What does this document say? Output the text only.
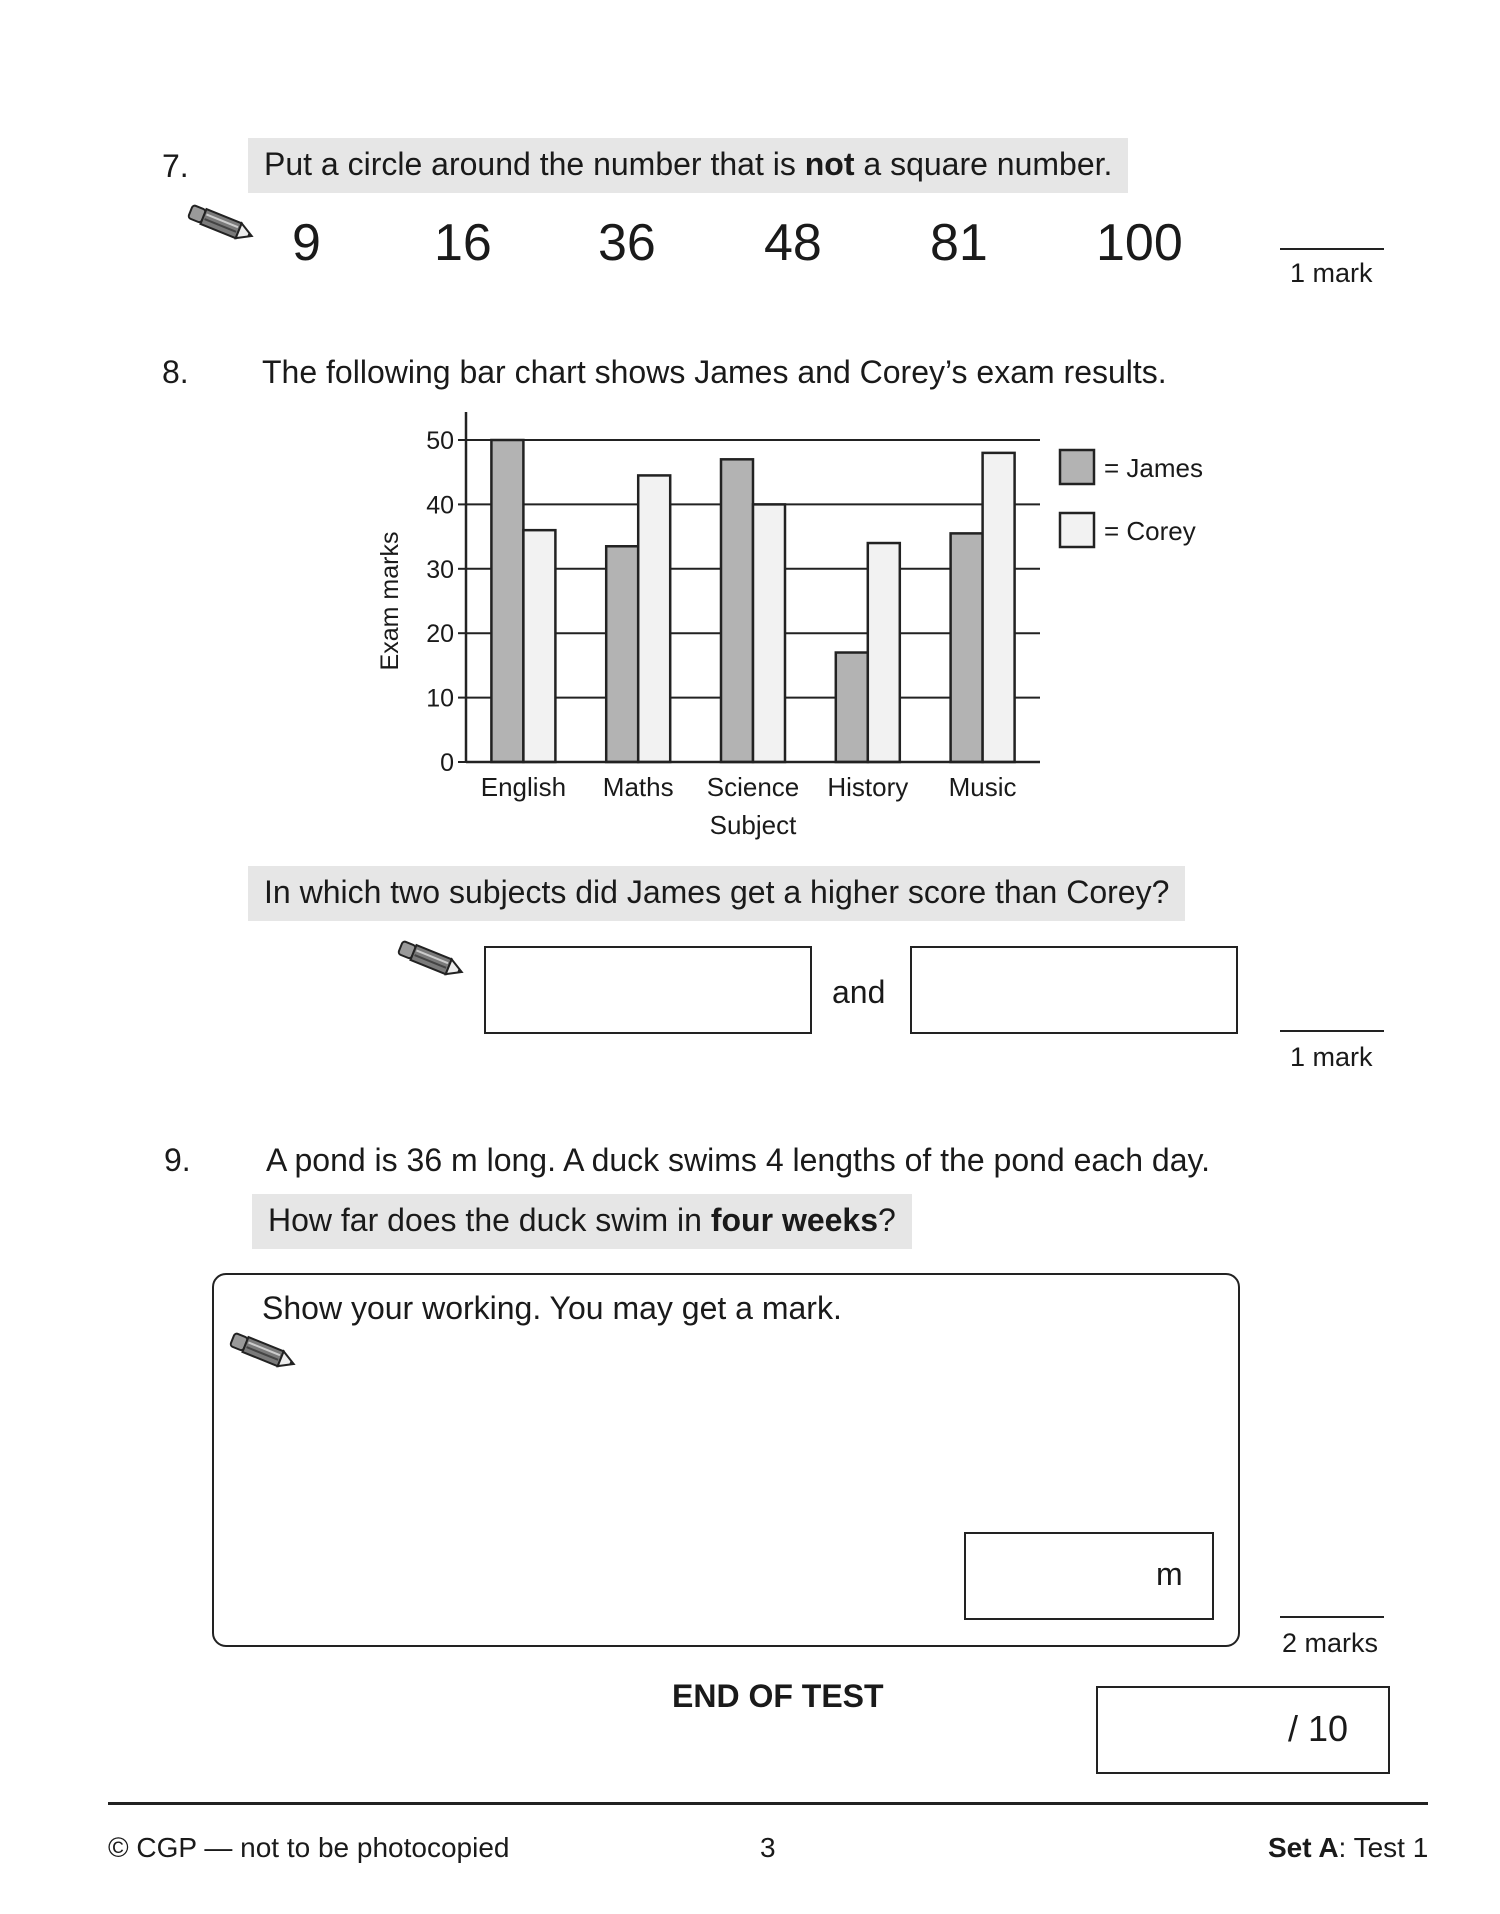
7.	Put a circle around the number that is not a square number.
9 16 36 48 81 100
1 mark
8. The following bar chart shows James and Corey’s exam results.
0
10
20
30
40
50
English Maths Science History Music
Exam marks
Subject
= James
= Corey
In which two subjects did James get a higher score than Corey?
and
1 mark
9. A pond is 36 m long. A duck swims 4 lengths of the pond each day.
How far does the duck swim in four weeks?
Show your working. You may get a mark.
m
2 marks
END OF TEST
/ 10
© CGP — not to be photocopied	3	Set A: Test 1
